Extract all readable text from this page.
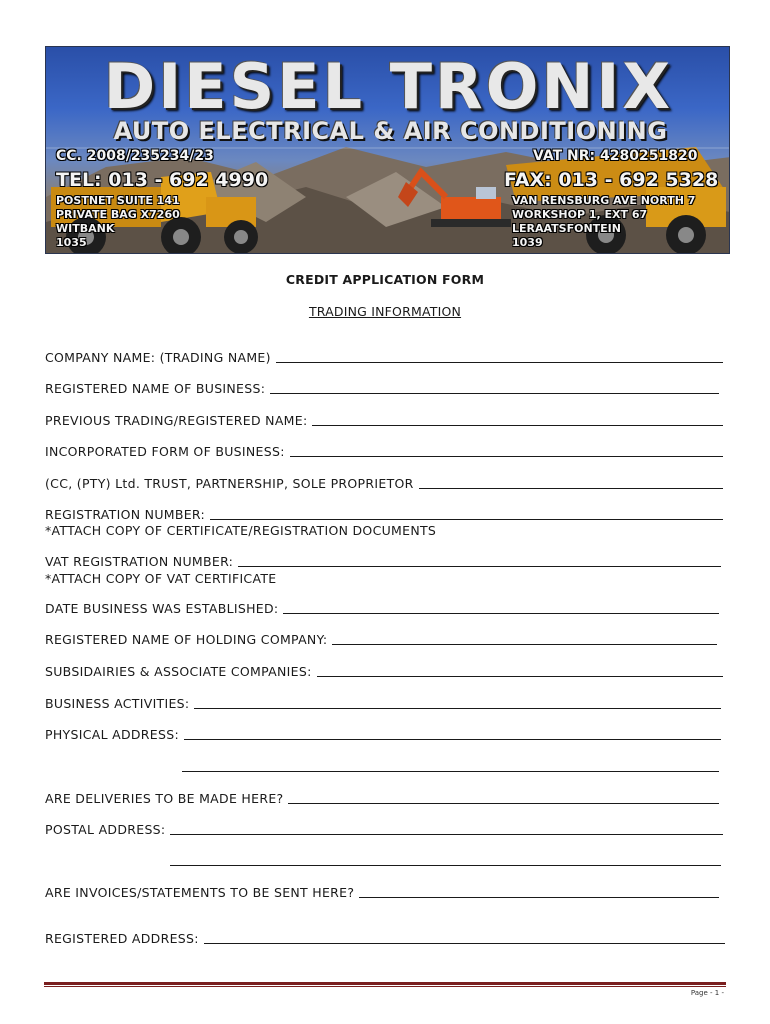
DIESEL TRONIX
AUTO ELECTRICAL & AIR CONDITIONING
CC. 2008/235234/23	VAT NR: 4280251820
TEL: 013 - 692 4990	FAX: 013 - 692 5328
POSTNET SUITE 141
PRIVATE BAG X7260
WITBANK
1035
VAN RENSBURG AVE NORTH 7
WORKSHOP 1, EXT 67
LERAATSFONTEIN
1039
CREDIT APPLICATION FORM
TRADING INFORMATION
COMPANY NAME: (TRADING NAME)
REGISTERED NAME OF BUSINESS:
PREVIOUS TRADING/REGISTERED NAME:
INCORPORATED FORM OF BUSINESS:
(CC, (PTY) Ltd. TRUST, PARTNERSHIP, SOLE PROPRIETOR
REGISTRATION NUMBER:
*ATTACH COPY OF CERTIFICATE/REGISTRATION DOCUMENTS
VAT REGISTRATION NUMBER:
*ATTACH COPY OF VAT CERTIFICATE
DATE BUSINESS WAS ESTABLISHED:
REGISTERED NAME OF HOLDING COMPANY:
SUBSIDAIRIES & ASSOCIATE COMPANIES:
BUSINESS ACTIVITIES:
PHYSICAL ADDRESS:
ARE DELIVERIES TO BE MADE HERE?
POSTAL ADDRESS:
ARE INVOICES/STATEMENTS TO BE SENT HERE?
REGISTERED ADDRESS:
Page - 1 -
